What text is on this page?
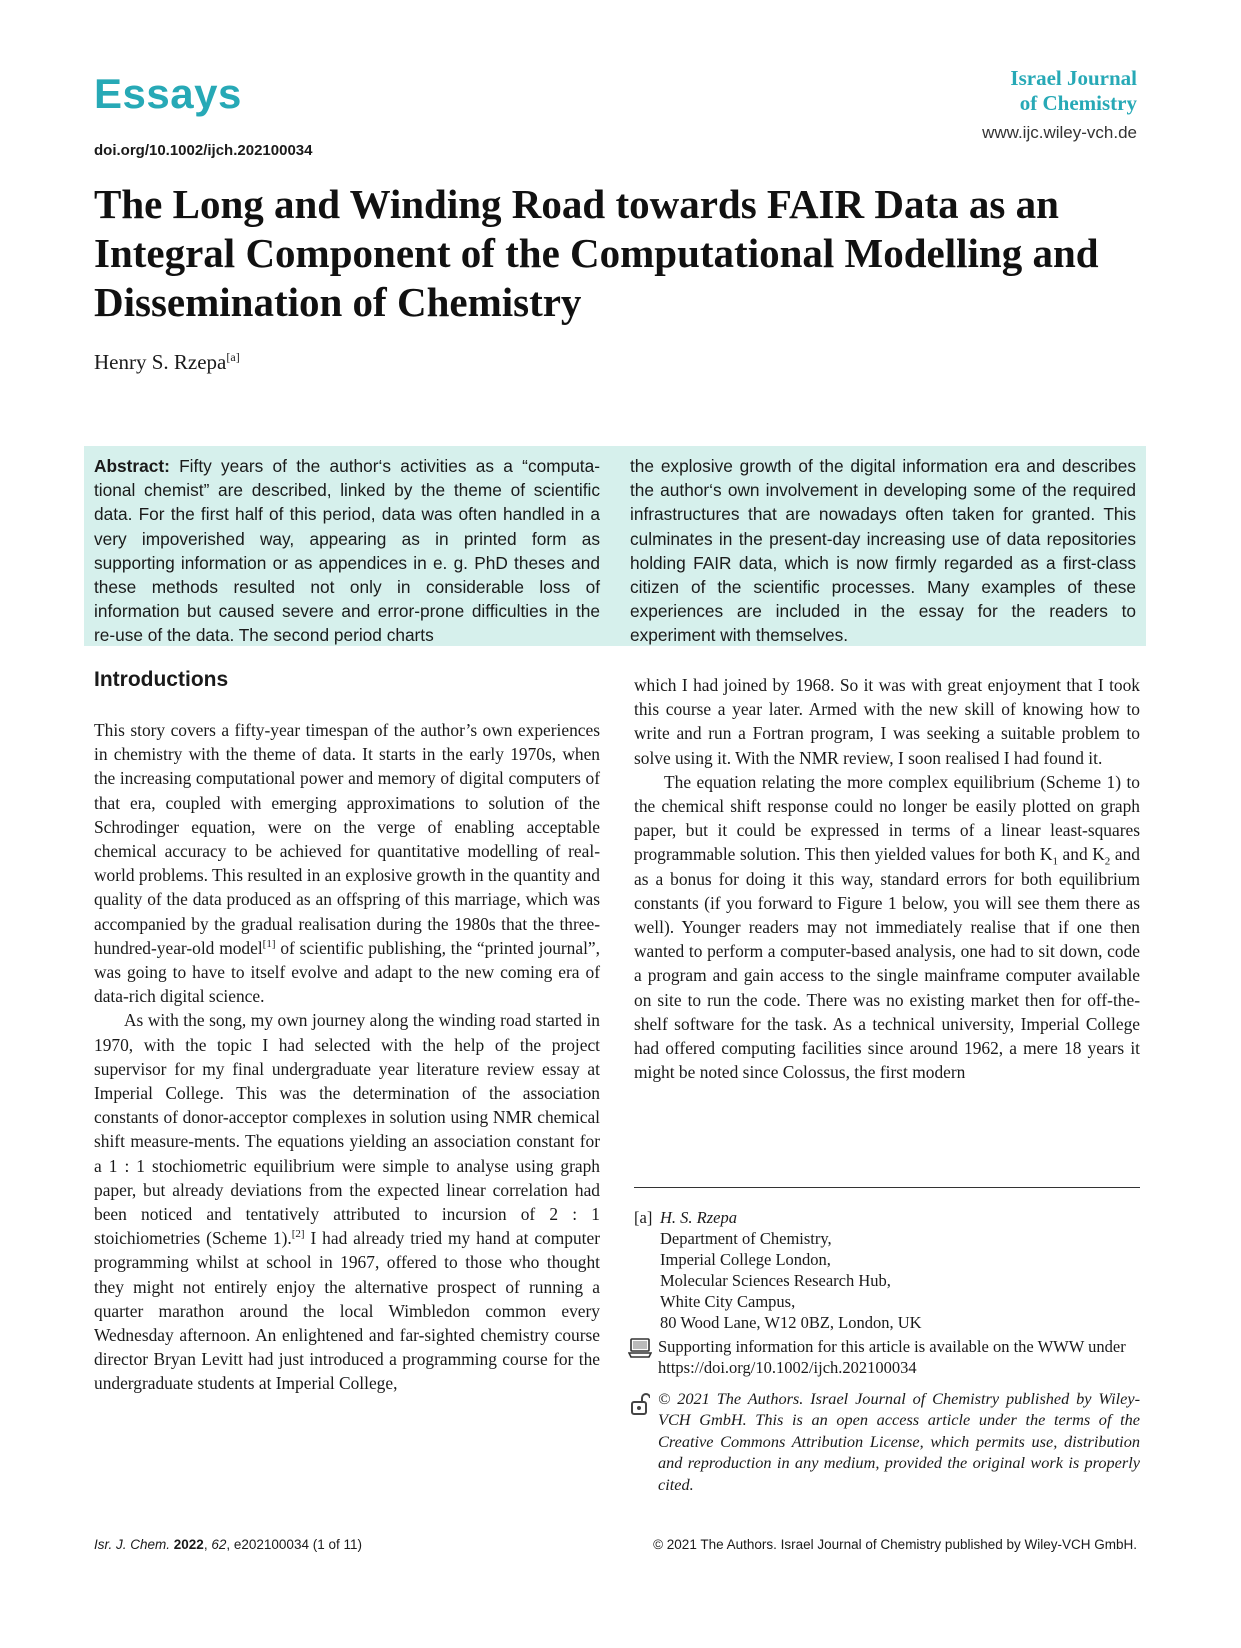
Essays
doi.org/10.1002/ijch.202100034
Israel Journal
of Chemistry
www.ijc.wiley-vch.de
The Long and Winding Road towards FAIR Data as an Integral Component of the Computational Modelling and Dissemination of Chemistry
Henry S. Rzepa[a]

Abstract: Fifty years of the author‘s activities as a “computa-tional chemist” are described, linked by the theme of scientific data. For the first half of this period, data was often handled in a very impoverished way, appearing as in printed form as supporting information or as appendices in e. g. PhD theses and these methods resulted not only in considerable loss of information but caused severe and error-prone difficulties in the re-use of the data. The second period charts

the explosive growth of the digital information era and describes the author‘s own involvement in developing some of the required infrastructures that are nowadays often taken for granted. This culminates in the present-day increasing use of data repositories holding FAIR data, which is now firmly regarded as a first-class citizen of the scientific processes. Many examples of these experiences are included in the essay for the readers to experiment with themselves.

Introductions

This story covers a fifty-year timespan of the author’s own experiences in chemistry with the theme of data. It starts in the early 1970s, when the increasing computational power and memory of digital computers of that era, coupled with emerging approximations to solution of the Schrodinger equation, were on the verge of enabling acceptable chemical accuracy to be achieved for quantitative modelling of real-world problems. This resulted in an explosive growth in the quantity and quality of the data produced as an offspring of this marriage, which was accompanied by the gradual realisation during the 1980s that the three-hundred-year-old model[1] of scientific publishing, the “printed journal”, was going to have to itself evolve and adapt to the new coming era of data-rich digital science.

As with the song, my own journey along the winding road started in 1970, with the topic I had selected with the help of the project supervisor for my final undergraduate year literature review essay at Imperial College. This was the determination of the association constants of donor-acceptor complexes in solution using NMR chemical shift measure-ments. The equations yielding an association constant for a 1 : 1 stochiometric equilibrium were simple to analyse using graph paper, but already deviations from the expected linear correlation had been noticed and tentatively attributed to incursion of 2 : 1 stoichiometries (Scheme 1).[2] I had already tried my hand at computer programming whilst at school in 1967, offered to those who thought they might not entirely enjoy the alternative prospect of running a quarter marathon around the local Wimbledon common every Wednesday afternoon. An enlightened and far-sighted chemistry course director Bryan Levitt had just introduced a programming course for the undergraduate students at Imperial College,

which I had joined by 1968. So it was with great enjoyment that I took this course a year later. Armed with the new skill of knowing how to write and run a Fortran program, I was seeking a suitable problem to solve using it. With the NMR review, I soon realised I had found it.

The equation relating the more complex equilibrium (Scheme 1) to the chemical shift response could no longer be easily plotted on graph paper, but it could be expressed in terms of a linear least-squares programmable solution. This then yielded values for both $K_1$ and $K_2$ and as a bonus for doing it this way, standard errors for both equilibrium constants (if you forward to Figure 1 below, you will see them there as well). Younger readers may not immediately realise that if one then wanted to perform a computer-based analysis, one had to sit down, code a program and gain access to the single mainframe computer available on site to run the code. There was no existing market then for off-the-shelf software for the task. As a technical university, Imperial College had offered computing facilities since around 1962, a mere 18 years it might be noted since Colossus, the first modern

[a] H. S. Rzepa
Department of Chemistry,
Imperial College London,
Molecular Sciences Research Hub,
White City Campus,
80 Wood Lane, W12 0BZ, London, UK
Supporting information for this article is available on the WWW under https://doi.org/10.1002/ijch.202100034
© 2021 The Authors. Israel Journal of Chemistry published by Wiley-VCH GmbH. This is an open access article under the terms of the Creative Commons Attribution License, which permits use, distribution and reproduction in any medium, provided the original work is properly cited.
Isr. J. Chem. 2022, 62, e202100034 (1 of 11)	© 2021 The Authors. Israel Journal of Chemistry published by Wiley-VCH GmbH.
